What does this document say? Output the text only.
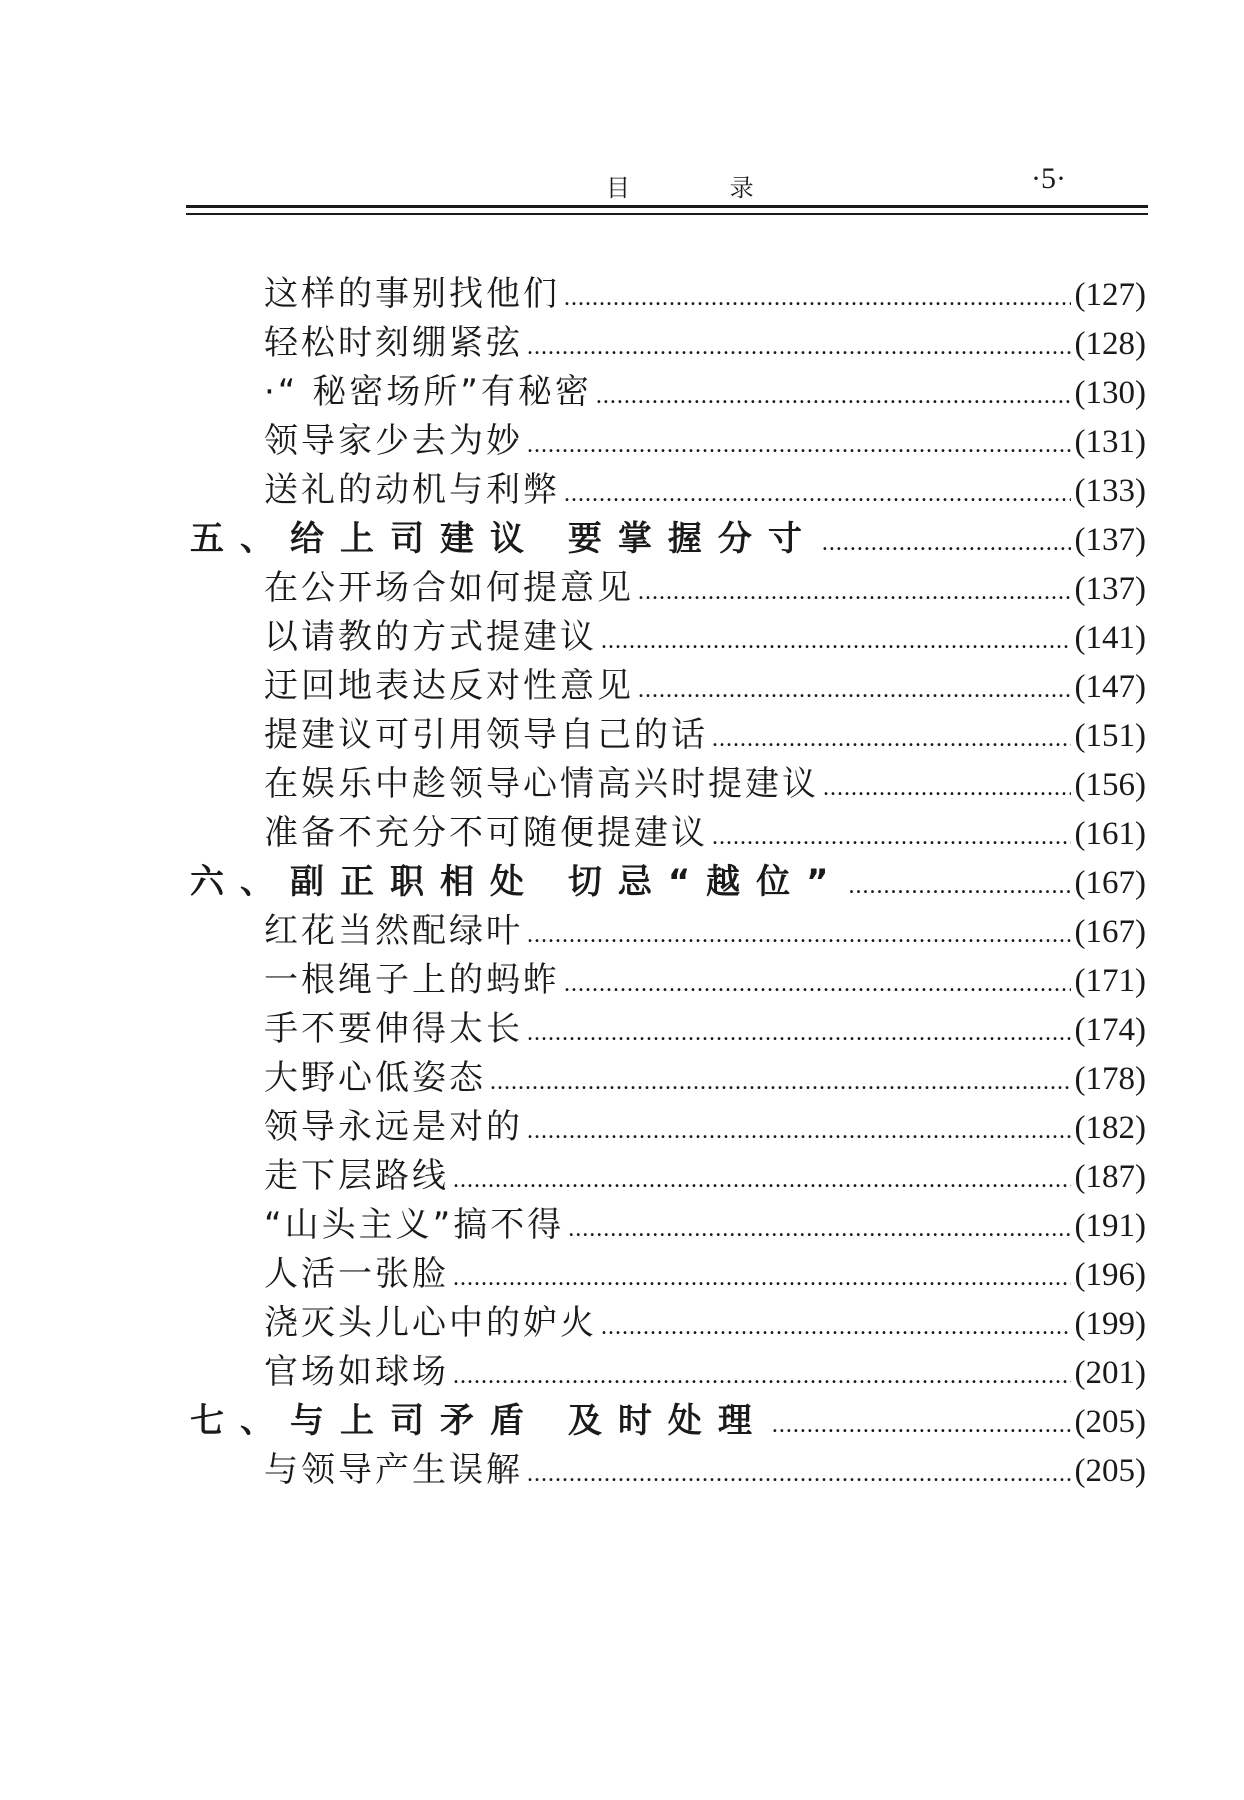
目 录	·5·
这样的事别找他们 .....	(127)
轻松时刻绷紧弦 .....	(128)
·“ 秘密场所”有秘密 .....	(130)
领导家少去为妙 .....	(131)
送礼的动机与利弊 .....	(133)
五、给上司建议 要掌握分寸 .....	(137)
在公开场合如何提意见 .....	(137)
以请教的方式提建议 .....	(141)
迂回地表达反对性意见 .....	(147)
提建议可引用领导自己的话 .....	(151)
在娱乐中趁领导心情高兴时提建议 .....	(156)
准备不充分不可随便提建议 .....	(161)
六、副正职相处 切忌“越位” .....	(167)
红花当然配绿叶 .....	(167)
一根绳子上的蚂蚱 .....	(171)
手不要伸得太长 .....	(174)
大野心低姿态 .....	(178)
领导永远是对的 .....	(182)
走下层路线 .....	(187)
“山头主义”搞不得 .....	(191)
人活一张脸 .....	(196)
浇灭头儿心中的妒火 .....	(199)
官场如球场 .....	(201)
七、与上司矛盾 及时处理 .....	(205)
与领导产生误解 .....	(205)
